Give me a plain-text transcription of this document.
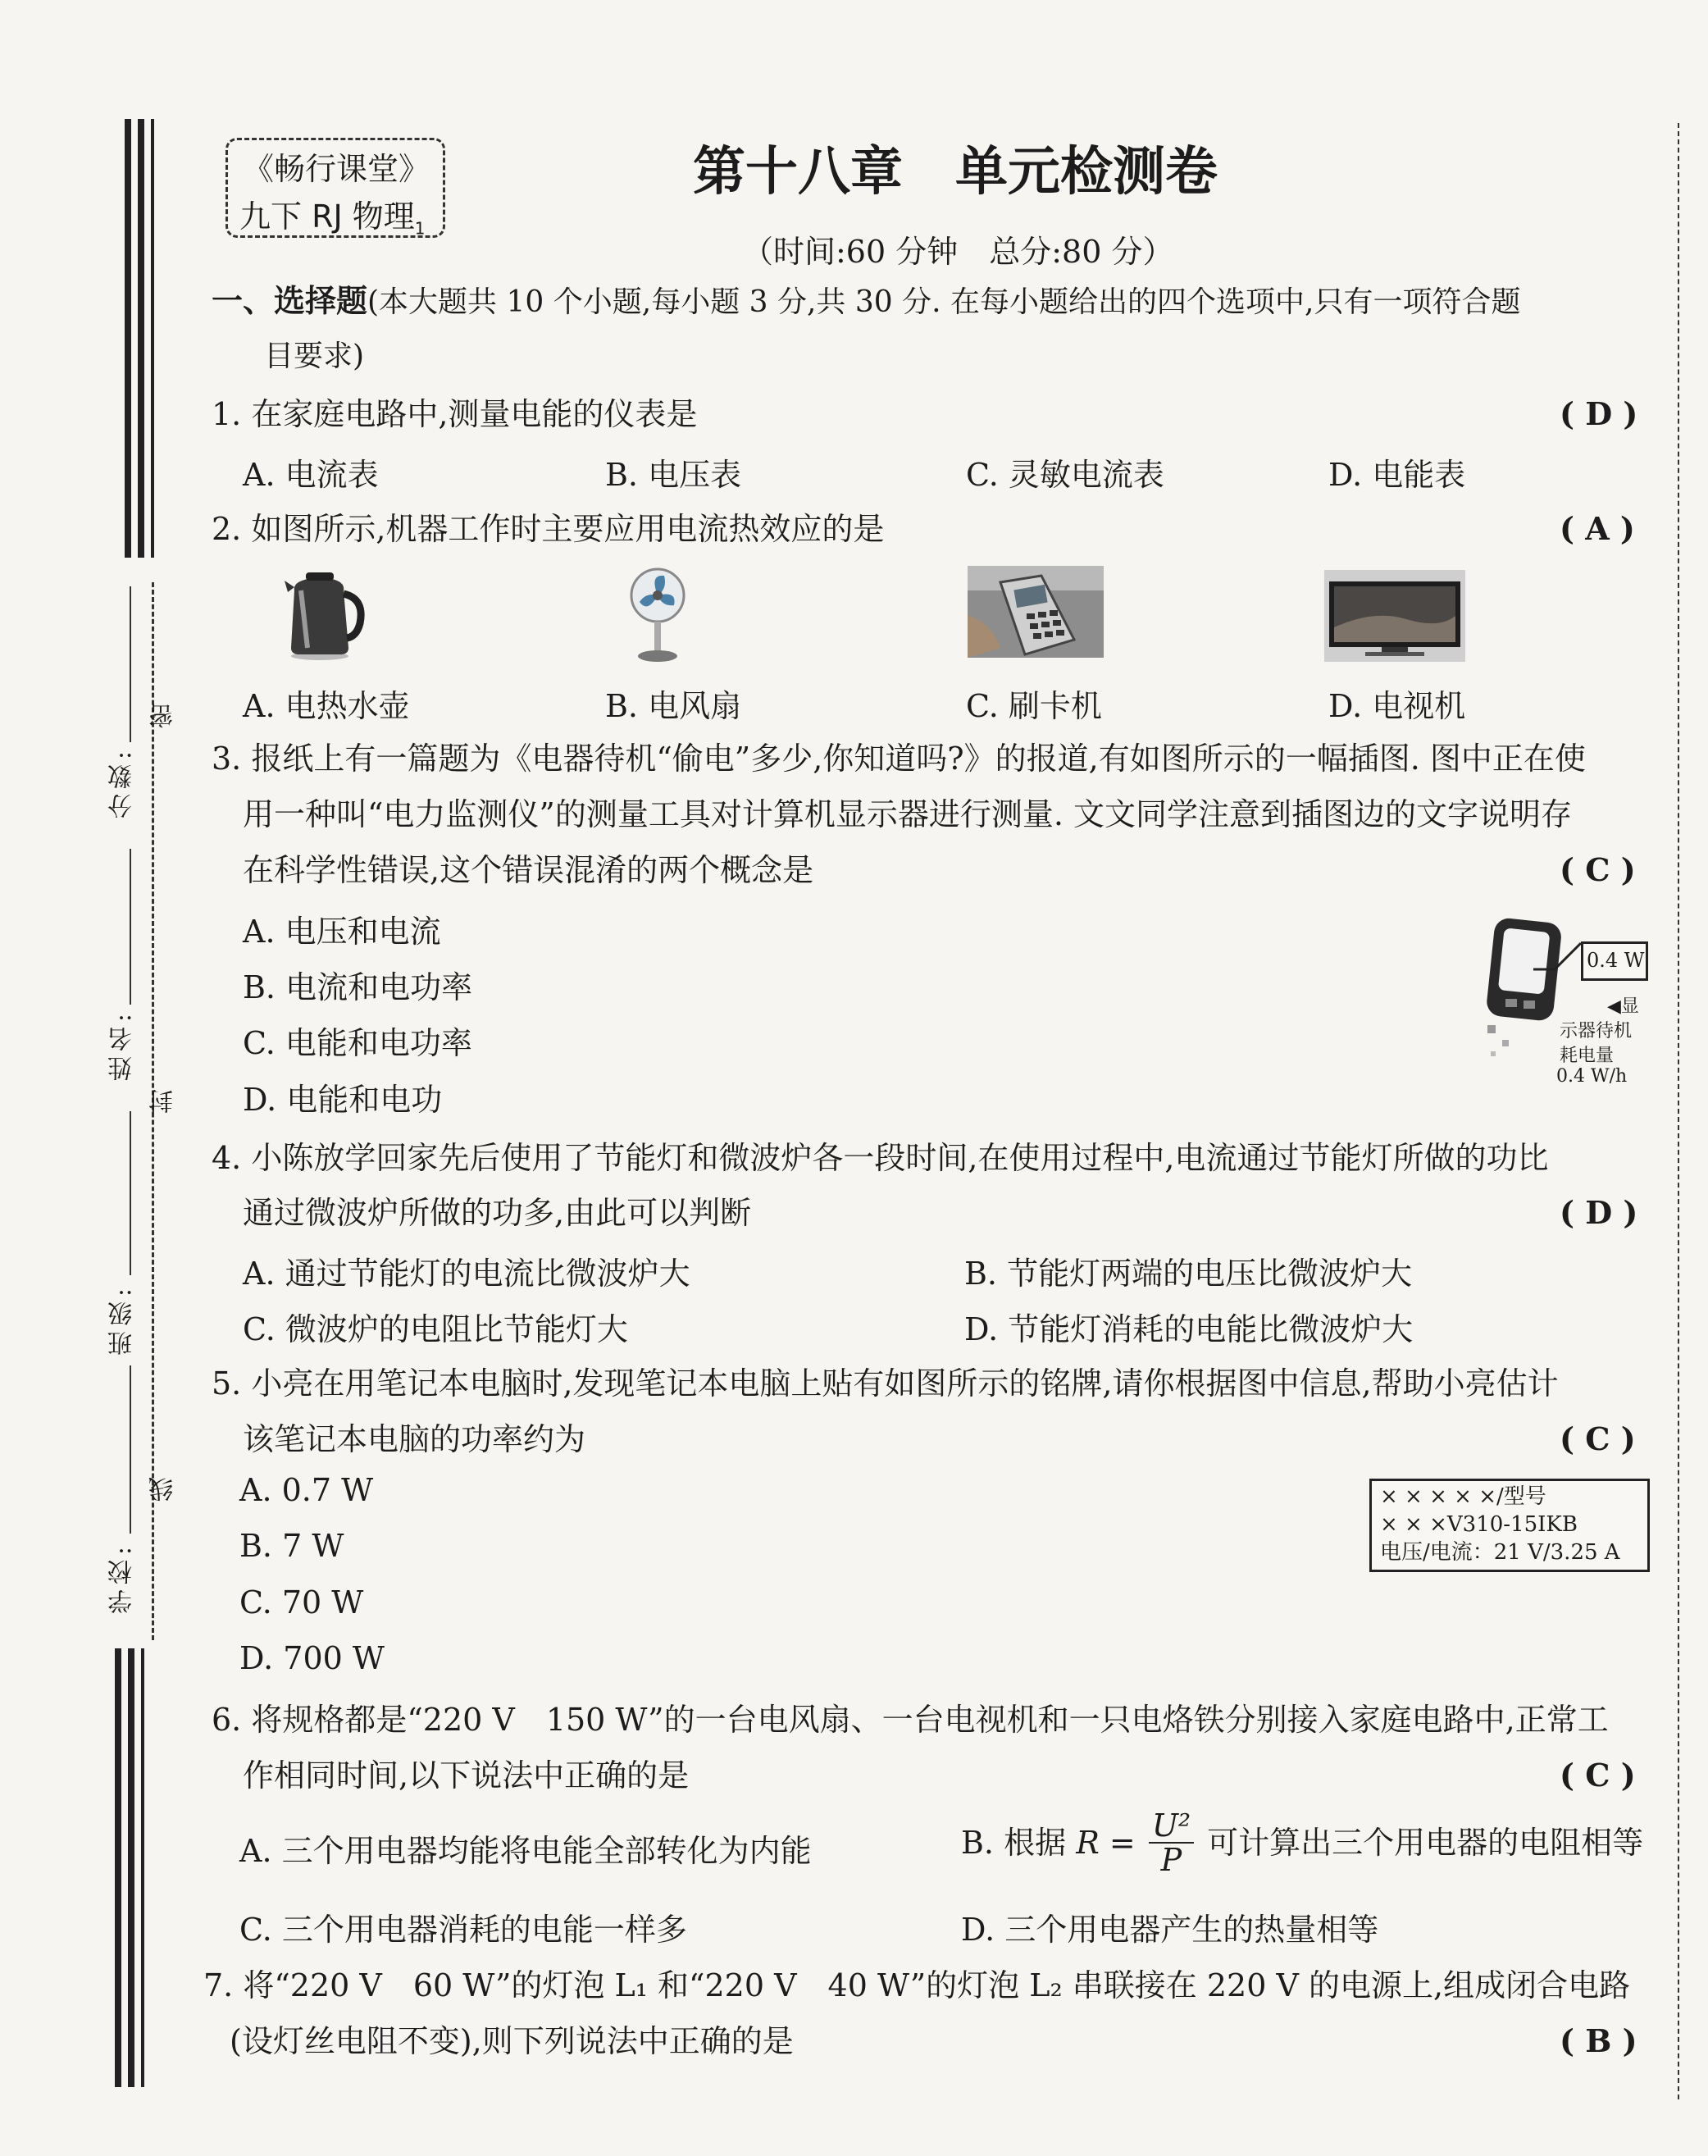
密
封
线
分数:
姓名:
班级:
学校:
《畅行课堂》
九下 RJ 物理$_1$
第十八章　单元检测卷
（时间:60 分钟　总分:80 分）
一、选择题(本大题共 10 个小题,每小题 3 分,共 30 分. 在每小题给出的四个选项中,只有一项符合题
目要求)
1. 在家庭电路中,测量电能的仪表是	( D )
A. 电流表	B. 电压表	C. 灵敏电流表	D. 电能表
2. 如图所示,机器工作时主要应用电流热效应的是	( A )
A. 电热水壶	B. 电风扇	C. 刷卡机	D. 电视机
3. 报纸上有一篇题为《电器待机“偷电”多少,你知道吗?》的报道,有如图所示的一幅插图. 图中正在使
用一种叫“电力监测仪”的测量工具对计算机显示器进行测量. 文文同学注意到插图边的文字说明存
在科学性错误,这个错误混淆的两个概念是	( C )
A. 电压和电流
B. 电流和电功率
C. 电能和电功率
D. 电能和电功
0.4 W
◀显
示器待机
耗电量
0.4 W/h
4. 小陈放学回家先后使用了节能灯和微波炉各一段时间,在使用过程中,电流通过节能灯所做的功比
通过微波炉所做的功多,由此可以判断	( D )
A. 通过节能灯的电流比微波炉大	B. 节能灯两端的电压比微波炉大
C. 微波炉的电阻比节能灯大	D. 节能灯消耗的电能比微波炉大
5. 小亮在用笔记本电脑时,发现笔记本电脑上贴有如图所示的铭牌,请你根据图中信息,帮助小亮估计
该笔记本电脑的功率约为	( C )
A. 0.7 W
B. 7 W
C. 70 W
D. 700 W
× × × × ×/型号
× × ×V310-15IKB
电压/电流：21 V/3.25 A
6. 将规格都是“220 V　150 W”的一台电风扇、一台电视机和一只电烙铁分别接入家庭电路中,正常工
作相同时间,以下说法中正确的是	( C )
A. 三个用电器均能将电能全部转化为内能	B. 根据 $R = \frac{\text{U²}}{P}$ 可计算出三个用电器的电阻相等
C. 三个用电器消耗的电能一样多	D. 三个用电器产生的热量相等
7. 将“220 V　60 W”的灯泡 L₁ 和“220 V　40 W”的灯泡 L₂ 串联接在 220 V 的电源上,组成闭合电路
(设灯丝电阻不变),则下列说法中正确的是	( B )
